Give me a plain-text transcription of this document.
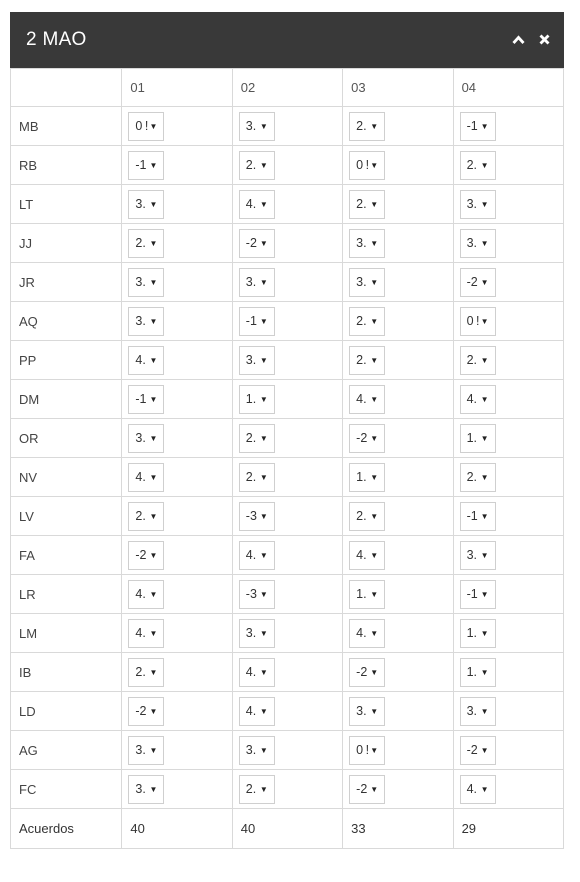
2 MAO
	01	02	03	04
MB	0 ! ▼	3. ▼	2. ▼	-1 ▼

RB	-1 ▼	2. ▼	0 ! ▼	2. ▼

LT	3. ▼	4. ▼	2. ▼	3. ▼

JJ	2. ▼	-2 ▼	3. ▼	3. ▼

JR	3. ▼	3. ▼	3. ▼	-2 ▼

AQ	3. ▼	-1 ▼	2. ▼	0 ! ▼

PP	4. ▼	3. ▼	2. ▼	2. ▼

DM	-1 ▼	1. ▼	4. ▼	4. ▼

OR	3. ▼	2. ▼	-2 ▼	1. ▼

NV	4. ▼	2. ▼	1. ▼	2. ▼

LV	2. ▼	-3 ▼	2. ▼	-1 ▼

FA	-2 ▼	4. ▼	4. ▼	3. ▼

LR	4. ▼	-3 ▼	1. ▼	-1 ▼

LM	4. ▼	3. ▼	4. ▼	1. ▼

IB	2. ▼	4. ▼	-2 ▼	1. ▼

LD	-2 ▼	4. ▼	3. ▼	3. ▼

AG	3. ▼	3. ▼	0 ! ▼	-2 ▼

FC	3. ▼	2. ▼	-2 ▼	4. ▼

Acuerdos	40	40	33	29
